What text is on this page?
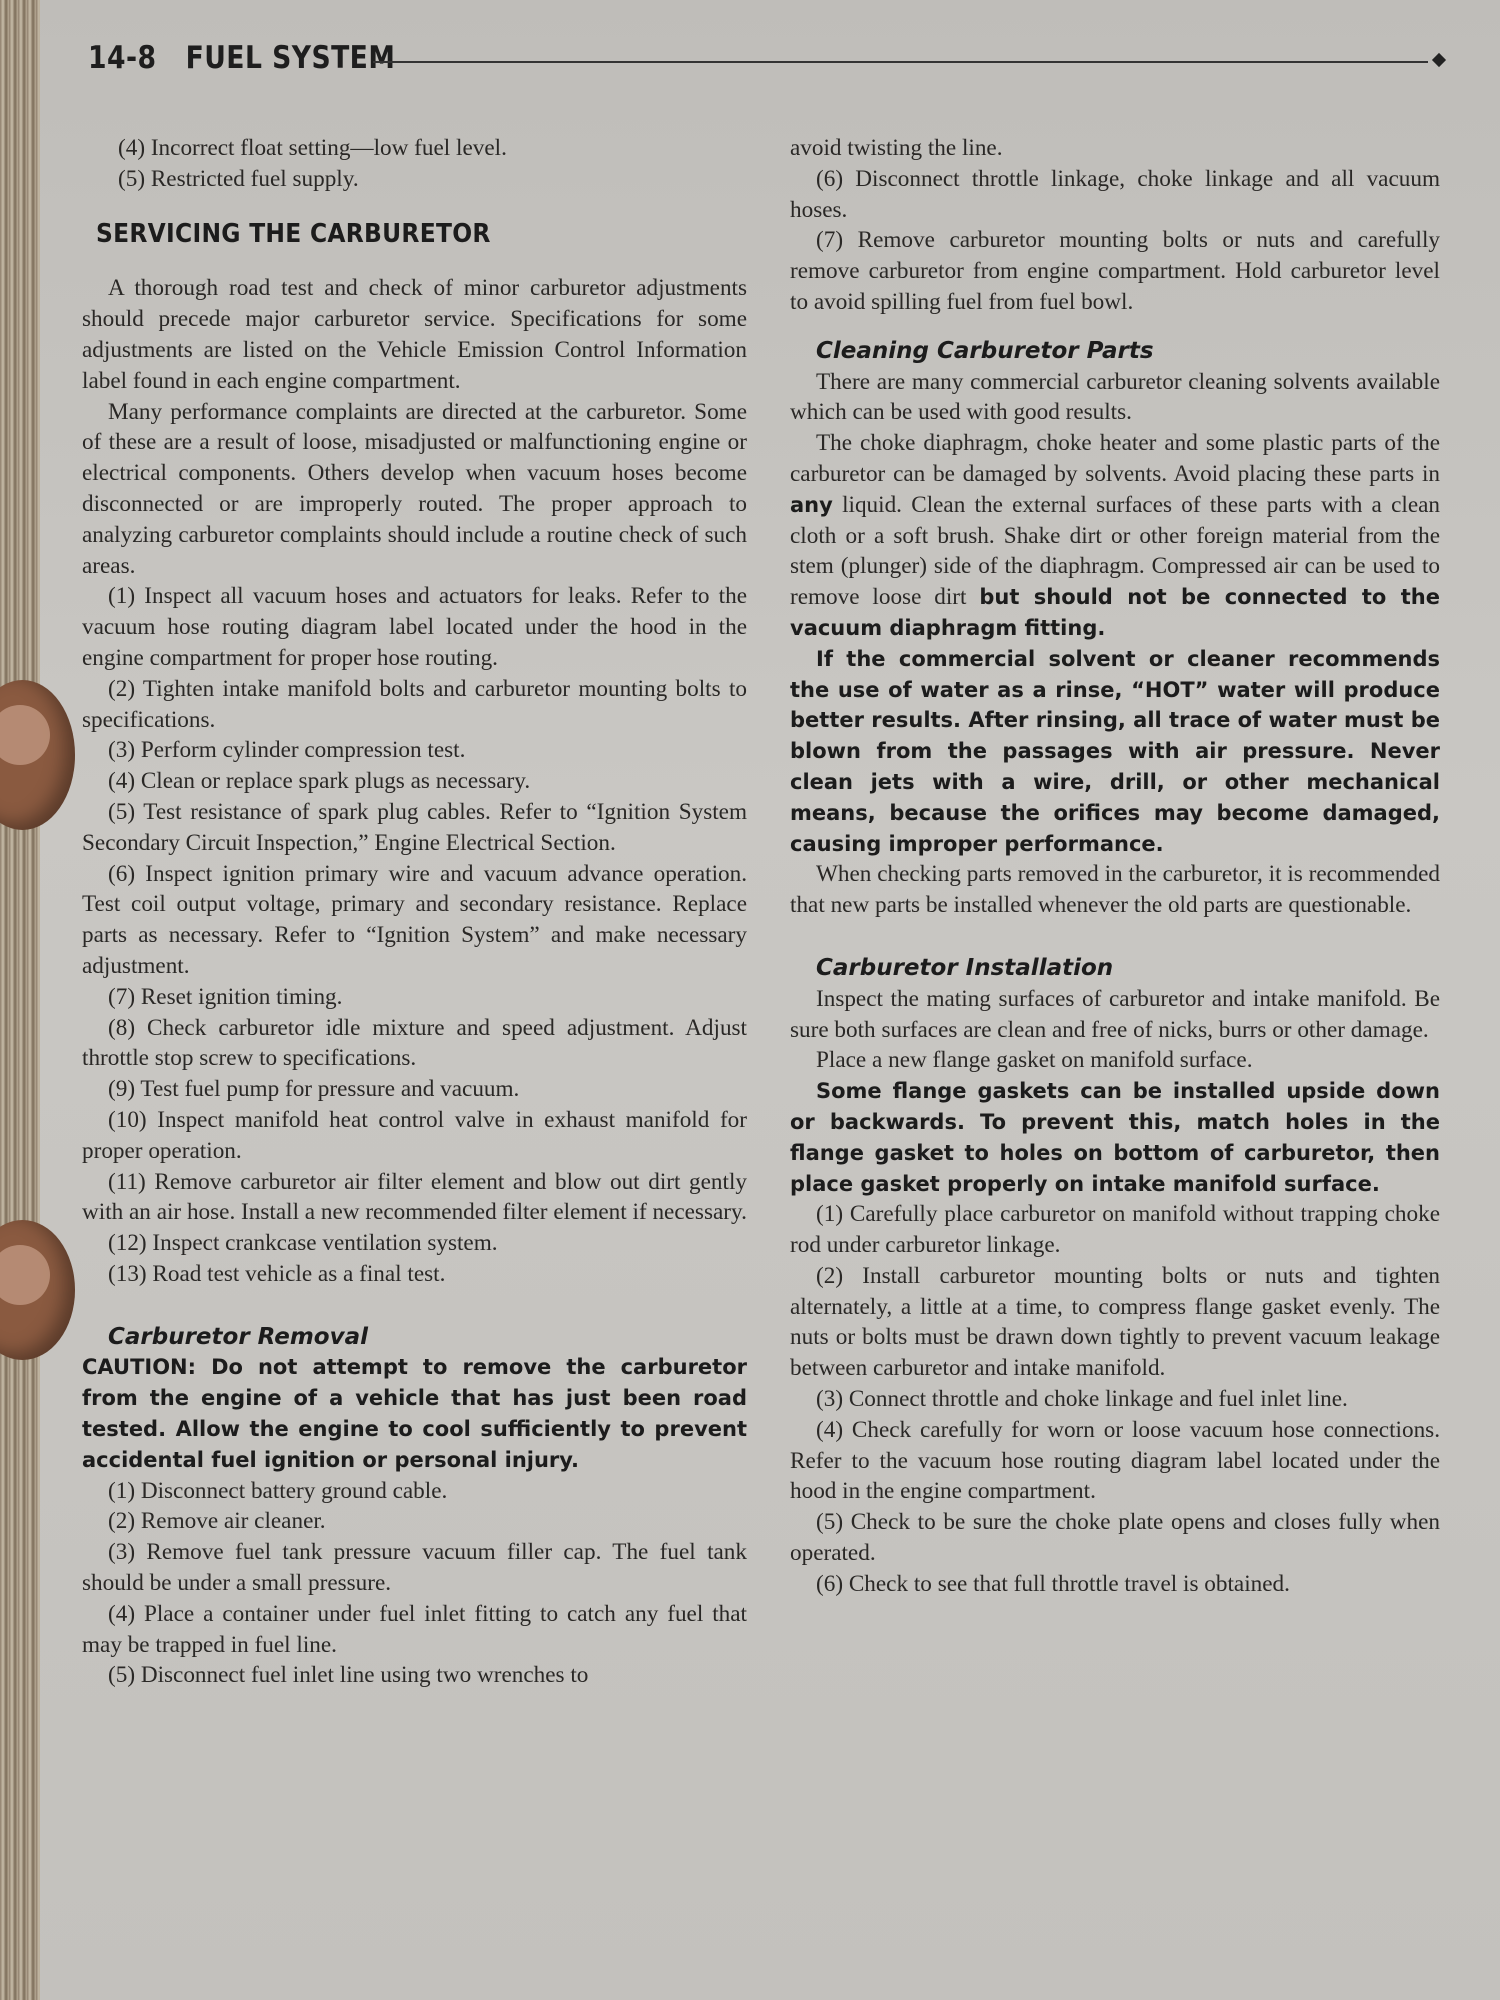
14-8 FUEL SYSTEM

(4) Incorrect float setting—low fuel level.

(5) Restricted fuel supply.

SERVICING THE CARBURETOR

A thorough road test and check of minor carburetor adjustments should precede major carburetor service. Specifications for some adjustments are listed on the Vehicle Emission Control Information label found in each engine compartment.

Many performance complaints are directed at the carburetor. Some of these are a result of loose, misadjusted or malfunctioning engine or electrical components. Others develop when vacuum hoses become disconnected or are improperly routed. The proper approach to analyzing carburetor complaints should include a routine check of such areas.

(1) Inspect all vacuum hoses and actuators for leaks. Refer to the vacuum hose routing diagram label located under the hood in the engine compartment for proper hose routing.

(2) Tighten intake manifold bolts and carburetor mounting bolts to specifications.

(3) Perform cylinder compression test.

(4) Clean or replace spark plugs as necessary.

(5) Test resistance of spark plug cables. Refer to “Ignition System Secondary Circuit Inspection,” Engine Electrical Section.

(6) Inspect ignition primary wire and vacuum advance operation. Test coil output voltage, primary and secondary resistance. Replace parts as necessary. Refer to “Ignition System” and make necessary adjustment.

(7) Reset ignition timing.

(8) Check carburetor idle mixture and speed adjustment. Adjust throttle stop screw to specifications.

(9) Test fuel pump for pressure and vacuum.

(10) Inspect manifold heat control valve in exhaust manifold for proper operation.

(11) Remove carburetor air filter element and blow out dirt gently with an air hose. Install a new recommended filter element if necessary.

(12) Inspect crankcase ventilation system.

(13) Road test vehicle as a final test.

Carburetor Removal

CAUTION: Do not attempt to remove the carburetor from the engine of a vehicle that has just been road tested. Allow the engine to cool sufficiently to prevent accidental fuel ignition or personal injury.

(1) Disconnect battery ground cable.

(2) Remove air cleaner.

(3) Remove fuel tank pressure vacuum filler cap. The fuel tank should be under a small pressure.

(4) Place a container under fuel inlet fitting to catch any fuel that may be trapped in fuel line.

(5) Disconnect fuel inlet line using two wrenches to

avoid twisting the line.

(6) Disconnect throttle linkage, choke linkage and all vacuum hoses.

(7) Remove carburetor mounting bolts or nuts and carefully remove carburetor from engine compartment. Hold carburetor level to avoid spilling fuel from fuel bowl.

Cleaning Carburetor Parts

There are many commercial carburetor cleaning solvents available which can be used with good results.

The choke diaphragm, choke heater and some plastic parts of the carburetor can be damaged by solvents. Avoid placing these parts in any liquid. Clean the external surfaces of these parts with a clean cloth or a soft brush. Shake dirt or other foreign material from the stem (plunger) side of the diaphragm. Compressed air can be used to remove loose dirt but should not be connected to the vacuum diaphragm fitting.

If the commercial solvent or cleaner recommends the use of water as a rinse, “HOT” water will produce better results. After rinsing, all trace of water must be blown from the passages with air pressure. Never clean jets with a wire, drill, or other mechanical means, because the orifices may become damaged, causing improper performance.

When checking parts removed in the carburetor, it is recommended that new parts be installed whenever the old parts are questionable.

Carburetor Installation

Inspect the mating surfaces of carburetor and intake manifold. Be sure both surfaces are clean and free of nicks, burrs or other damage.

Place a new flange gasket on manifold surface.

Some flange gaskets can be installed upside down or backwards. To prevent this, match holes in the flange gasket to holes on bottom of carburetor, then place gasket properly on intake manifold surface.

(1) Carefully place carburetor on manifold without trapping choke rod under carburetor linkage.

(2) Install carburetor mounting bolts or nuts and tighten alternately, a little at a time, to compress flange gasket evenly. The nuts or bolts must be drawn down tightly to prevent vacuum leakage between carburetor and intake manifold.

(3) Connect throttle and choke linkage and fuel inlet line.

(4) Check carefully for worn or loose vacuum hose connections. Refer to the vacuum hose routing diagram label located under the hood in the engine compartment.

(5) Check to be sure the choke plate opens and closes fully when operated.

(6) Check to see that full throttle travel is obtained.
